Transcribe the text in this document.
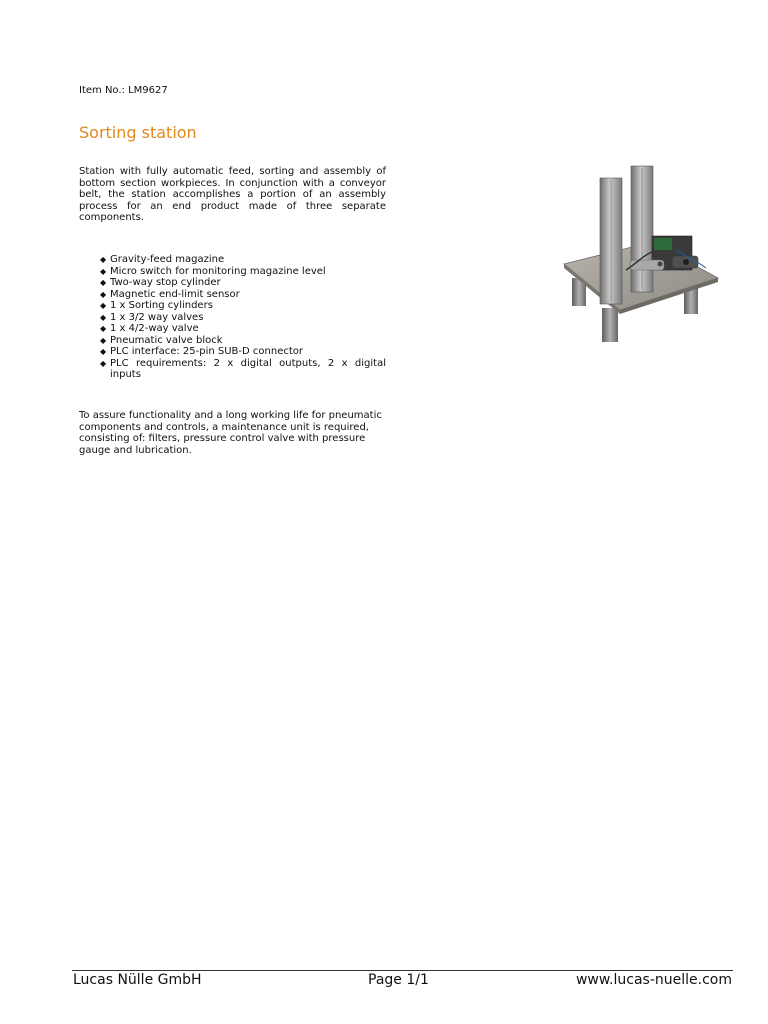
Item No.: LM9627
Sorting station

Station with fully automatic feed, sorting and assembly of bottom section workpieces. In conjunction with a conveyor belt, the station accomplishes a portion of an assembly process for an end product made of three separate components.

◆ Gravity-feed magazine
◆ Micro switch for monitoring magazine level
◆ Two-way stop cylinder
◆ Magnetic end-limit sensor
◆ 1 x Sorting cylinders
◆ 1 x 3/2 way valves
◆ 1 x 4/2-way valve
◆ Pneumatic valve block
◆ PLC interface: 25-pin SUB-D connector
◆ PLC requirements: 2 x digital outputs, 2 x digital inputs

To assure functionality and a long working life for pneumatic components and controls, a maintenance unit is required, consisting of: filters, pressure control valve with pressure gauge and lubrication.

Lucas Nülle GmbH	Page 1/1	www.lucas-nuelle.com
